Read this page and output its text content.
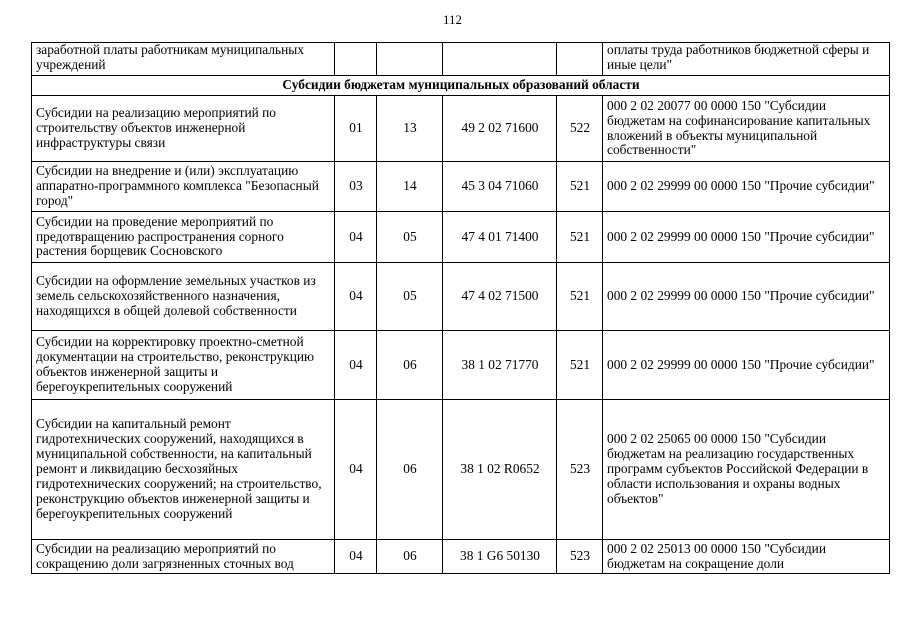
112
заработной платы работникам муниципальных учреждений					оплаты труда работников бюджетной сферы и иные цели"
Субсидии бюджетам муниципальных образований области					
Субсидии на реализацию мероприятий по строительству объектов инженерной инфраструктуры связи	01	13	49 2 02 71600	522	000 2 02 20077 00 0000 150 "Субсидии бюджетам на софинансирование капитальных вложений в объекты муниципальной собственности"
Субсидии на внедрение и (или) эксплуатацию аппаратно-программного комплекса "Безопасный город"	03	14	45 3 04 71060	521	000 2 02 29999 00 0000 150 "Прочие субсидии"
Субсидии на проведение мероприятий по предотвращению распространения сорного растения борщевик Сосновского	04	05	47 4 01 71400	521	000 2 02 29999 00 0000 150 "Прочие субсидии"
Субсидии на оформление земельных участков из земель сельскохозяйственного назначения, находящихся в общей долевой собственности	04	05	47 4 02 71500	521	000 2 02 29999 00 0000 150 "Прочие субсидии"
Субсидии на корректировку проектно-сметной документации на строительство, реконструкцию объектов инженерной защиты и берегоукрепительных сооружений	04	06	38 1 02 71770	521	000 2 02 29999 00 0000 150 "Прочие субсидии"
Субсидии на капитальный ремонт гидротехнических сооружений, находящихся в муниципальной собственности, на капитальный ремонт и ликвидацию бесхозяйных гидротехнических сооружений; на строительство, реконструкцию объектов инженерной защиты и берегоукрепительных сооружений	04	06	38 1 02 R0652	523	000 2 02 25065 00 0000 150 "Субсидии бюджетам на реализацию государственных программ субъектов Российской Федерации в области использования и охраны водных объектов"
Субсидии на реализацию мероприятий по сокращению доли загрязненных сточных вод	04	06	38 1 G6 50130	523	000 2 02 25013 00 0000 150 "Субсидии бюджетам на сокращение доли
